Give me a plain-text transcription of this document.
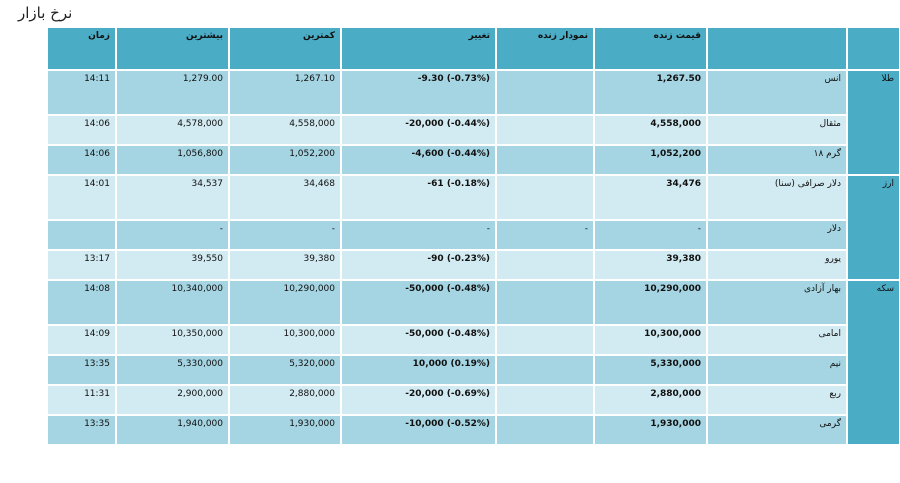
نرخ بازار
زمان	بیشترین	کمترین	تغییر	نمودار زنده	قیمت زنده		
14:11	1,279.00	1,267.10	-9.30 (-0.73%)		1,267.50	انس	طلا
14:06	4,578,000	4,558,000	-20,000 (-0.44%)		4,558,000	مثقال	
14:06	1,056,800	1,052,200	-4,600 (-0.44%)		1,052,200	گرم ۱۸	
14:01	34,537	34,468	-61 (-0.18%)		34,476	دلار صرافی (سنا)	ارز
	-	-	-	-	-	دلار	
13:17	39,550	39,380	-90 (-0.23%)		39,380	یورو	
14:08	10,340,000	10,290,000	-50,000 (-0.48%)		10,290,000	بهار آزادی	سکه
14:09	10,350,000	10,300,000	-50,000 (-0.48%)		10,300,000	امامی	
13:35	5,330,000	5,320,000	10,000 (0.19%)		5,330,000	نیم	
11:31	2,900,000	2,880,000	-20,000 (-0.69%)		2,880,000	ربع	
13:35	1,940,000	1,930,000	-10,000 (-0.52%)		1,930,000	گرمی	
